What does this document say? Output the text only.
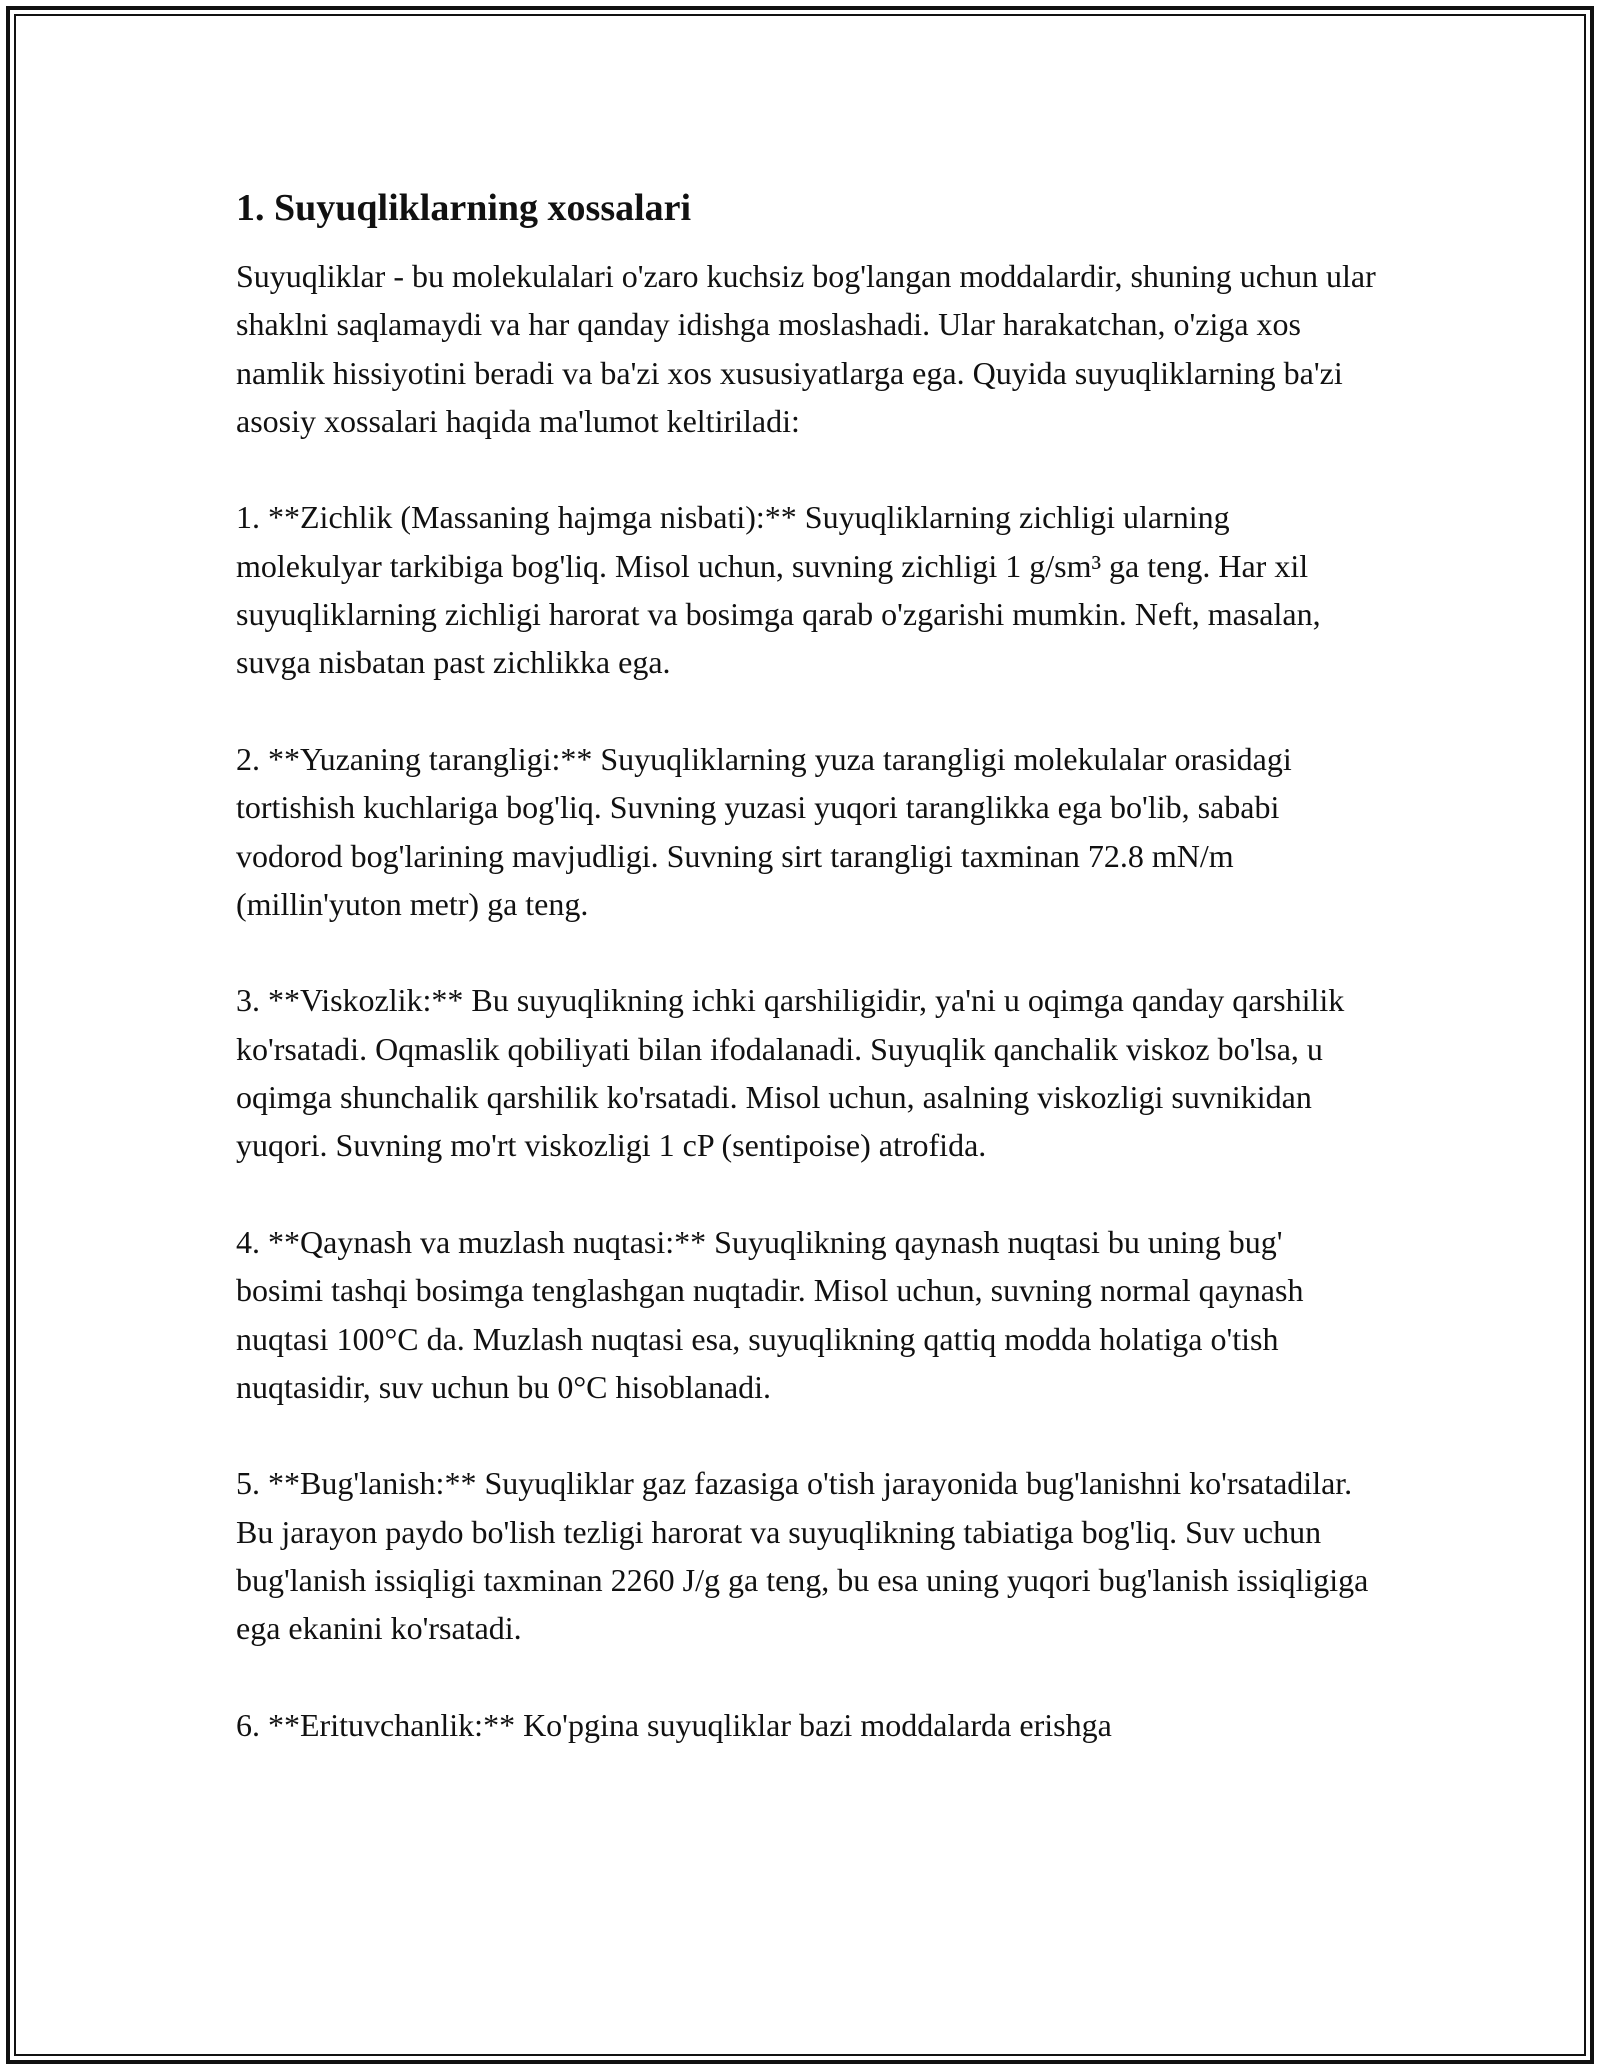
1. Suyuqliklarning xossalari

Suyuqliklar - bu molekulalari o'zaro kuchsiz bog'langan moddalardir, shuning uchun ular shaklni saqlamaydi va har qanday idishga moslashadi. Ular harakatchan, o'ziga xos namlik hissiyotini beradi va ba'zi xos xususiyatlarga ega. Quyida suyuqliklarning ba'zi asosiy xossalari haqida ma'lumot keltiriladi:

1. **Zichlik (Massaning hajmga nisbati):** Suyuqliklarning zichligi ularning molekulyar tarkibiga bog'liq. Misol uchun, suvning zichligi 1 g/sm³ ga teng. Har xil suyuqliklarning zichligi harorat va bosimga qarab o'zgarishi mumkin. Neft, masalan, suvga nisbatan past zichlikka ega.

2. **Yuzaning tarangligi:** Suyuqliklarning yuza tarangligi molekulalar orasidagi tortishish kuchlariga bog'liq. Suvning yuzasi yuqori taranglikka ega bo'lib, sababi vodorod bog'larining mavjudligi. Suvning sirt tarangligi taxminan 72.8 mN/m (millin'yuton metr) ga teng.

3. **Viskozlik:** Bu suyuqlikning ichki qarshiligidir, ya'ni u oqimga qanday qarshilik ko'rsatadi. Oqmaslik qobiliyati bilan ifodalanadi. Suyuqlik qanchalik viskoz bo'lsa, u oqimga shunchalik qarshilik ko'rsatadi. Misol uchun, asalning viskozligi suvnikidan yuqori. Suvning mo'rt viskozligi 1 cP (sentipoise) atrofida.

4. **Qaynash va muzlash nuqtasi:** Suyuqlikning qaynash nuqtasi bu uning bug' bosimi tashqi bosimga tenglashgan nuqtadir. Misol uchun, suvning normal qaynash nuqtasi 100°C da. Muzlash nuqtasi esa, suyuqlikning qattiq modda holatiga o'tish nuqtasidir, suv uchun bu 0°C hisoblanadi.

5. **Bug'lanish:** Suyuqliklar gaz fazasiga o'tish jarayonida bug'lanishni ko'rsatadilar. Bu jarayon paydo bo'lish tezligi harorat va suyuqlikning tabiatiga bog'liq. Suv uchun bug'lanish issiqligi taxminan 2260 J/g ga teng, bu esa uning yuqori bug'lanish issiqligiga ega ekanini ko'rsatadi.

6. **Erituvchanlik:** Ko'pgina suyuqliklar bazi moddalarda erishga
